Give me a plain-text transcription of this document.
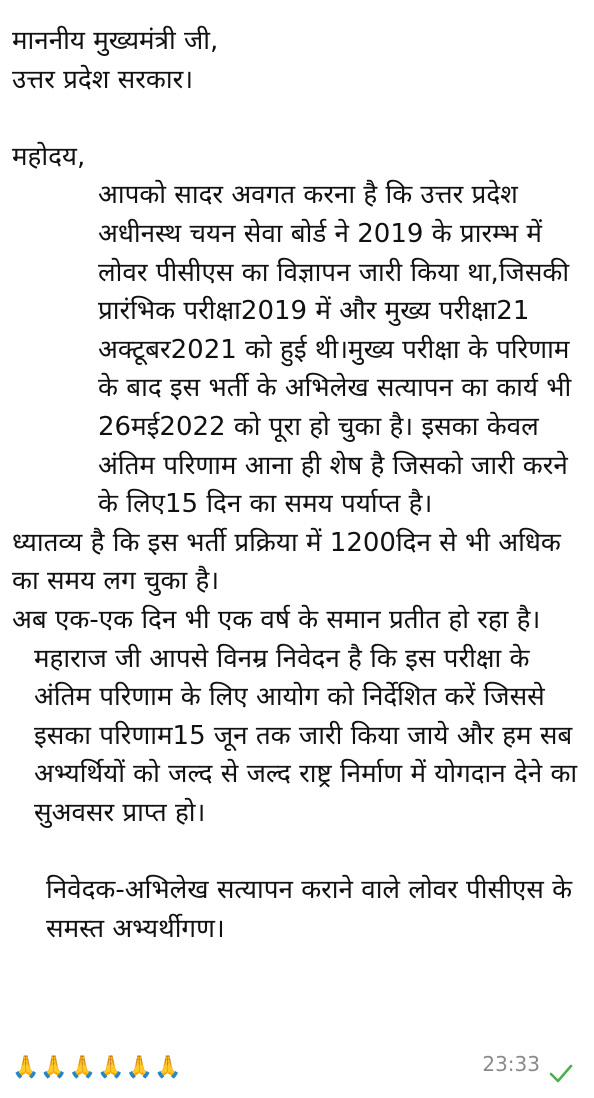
माननीय मुख्यमंत्री जी,

उत्तर प्रदेश सरकार।

महोदय,

आपको सादर अवगत करना है कि उत्तर प्रदेश अधीनस्थ चयन सेवा बोर्ड ने 2019 के प्रारम्भ में लोवर पीसीएस का विज्ञापन जारी किया था,जिसकी प्रारंभिक परीक्षा2019 में और मुख्य परीक्षा21 अक्टूबर2021 को हुई थी।मुख्य परीक्षा के परिणाम के बाद इस भर्ती के अभिलेख सत्यापन का कार्य भी 26मई2022 को पूरा हो चुका है। इसका केवल अंतिम परिणाम आना ही शेष है जिसको जारी करने के लिए15 दिन का समय पर्याप्त है।

ध्यातव्य है कि इस भर्ती प्रक्रिया में 1200दिन से भी अधिक का समय लग चुका है।

अब एक-एक दिन भी एक वर्ष के समान प्रतीत हो रहा है।

महाराज जी आपसे विनम्र निवेदन है कि इस परीक्षा के अंतिम परिणाम के लिए आयोग को निर्देशित करें जिससे इसका परिणाम15 जून तक जारी किया जाये और हम सब अभ्यर्थियों को जल्द से जल्द राष्ट्र निर्माण में योगदान देने का सुअवसर प्राप्त हो।

निवेदक-अभिलेख सत्यापन कराने वाले लोवर पीसीएस के समस्त अभ्यर्थीगण।

🙏🙏🙏🙏🙏🙏	23:33
